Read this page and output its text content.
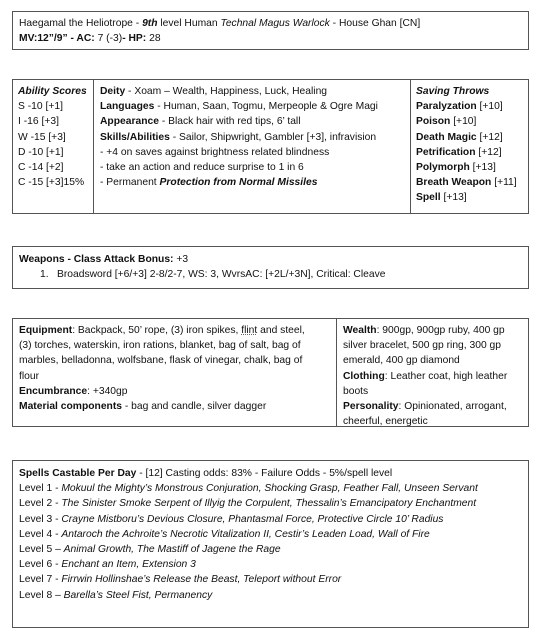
Haegamal the Heliotrope - 9th level Human Technal Magus Warlock - House Ghan [CN]
MV:12”/9” - AC: 7 (-3)- HP: 28
Ability Scores
S -10 [+1]
I -16 [+3]
W -15 [+3]
D -10 [+1]
C -14 [+2]
C -15 [+3]15%
Deity - Xoam – Wealth, Happiness, Luck, Healing
Languages - Human, Saan, Togmu, Merpeople & Ogre Magi
Appearance - Black hair with red tips, 6’ tall
Skills/Abilities - Sailor, Shipwright, Gambler [+3], infravision
- +4 on saves against brightness related blindness
- take an action and reduce surprise to 1 in 6
- Permanent Protection from Normal Missiles
Saving Throws
Paralyzation [+10]
Poison [+10]
Death Magic [+12]
Petrification [+12]
Polymorph [+13]
Breath Weapon [+11]
Spell [+13]
Weapons - Class Attack Bonus: +3
1. Broadsword [+6/+3] 2-8/2-7, WS: 3, WvrsAC: [+2L/+3N], Critical: Cleave
Equipment: Backpack, 50’ rope, (3) iron spikes, flint and steel,
(3) torches, waterskin, iron rations, blanket, bag of salt, bag of
marbles, belladonna, wolfsbane, flask of vinegar, chalk, bag of
flour
Encumbrance: +340gp
Material components - bag and candle, silver dagger
Wealth: 900gp, 900gp ruby, 400 gp
silver bracelet, 500 gp ring, 300 gp
emerald, 400 gp diamond
Clothing: Leather coat, high leather
boots
Personality: Opinionated, arrogant,
cheerful, energetic
Spells Castable Per Day - [12] Casting odds: 83% - Failure Odds - 5%/spell level
Level 1 - Mokuul the Mighty’s Monstrous Conjuration, Shocking Grasp, Feather Fall, Unseen Servant
Level 2 - The Sinister Smoke Serpent of Illyig the Corpulent, Thessalin’s Emancipatory Enchantment
Level 3 - Crayne Mistboru’s Devious Closure, Phantasmal Force, Protective Circle 10’ Radius
Level 4 - Antaroch the Achroite’s Necrotic Vitalization II, Cestir’s Leaden Load, Wall of Fire
Level 5 – Animal Growth, The Mastiff of Jagene the Rage
Level 6 - Enchant an Item, Extension 3
Level 7 - Firrwin Hollinshae’s Release the Beast, Teleport without Error
Level 8 – Barella’s Steel Fist, Permanency
